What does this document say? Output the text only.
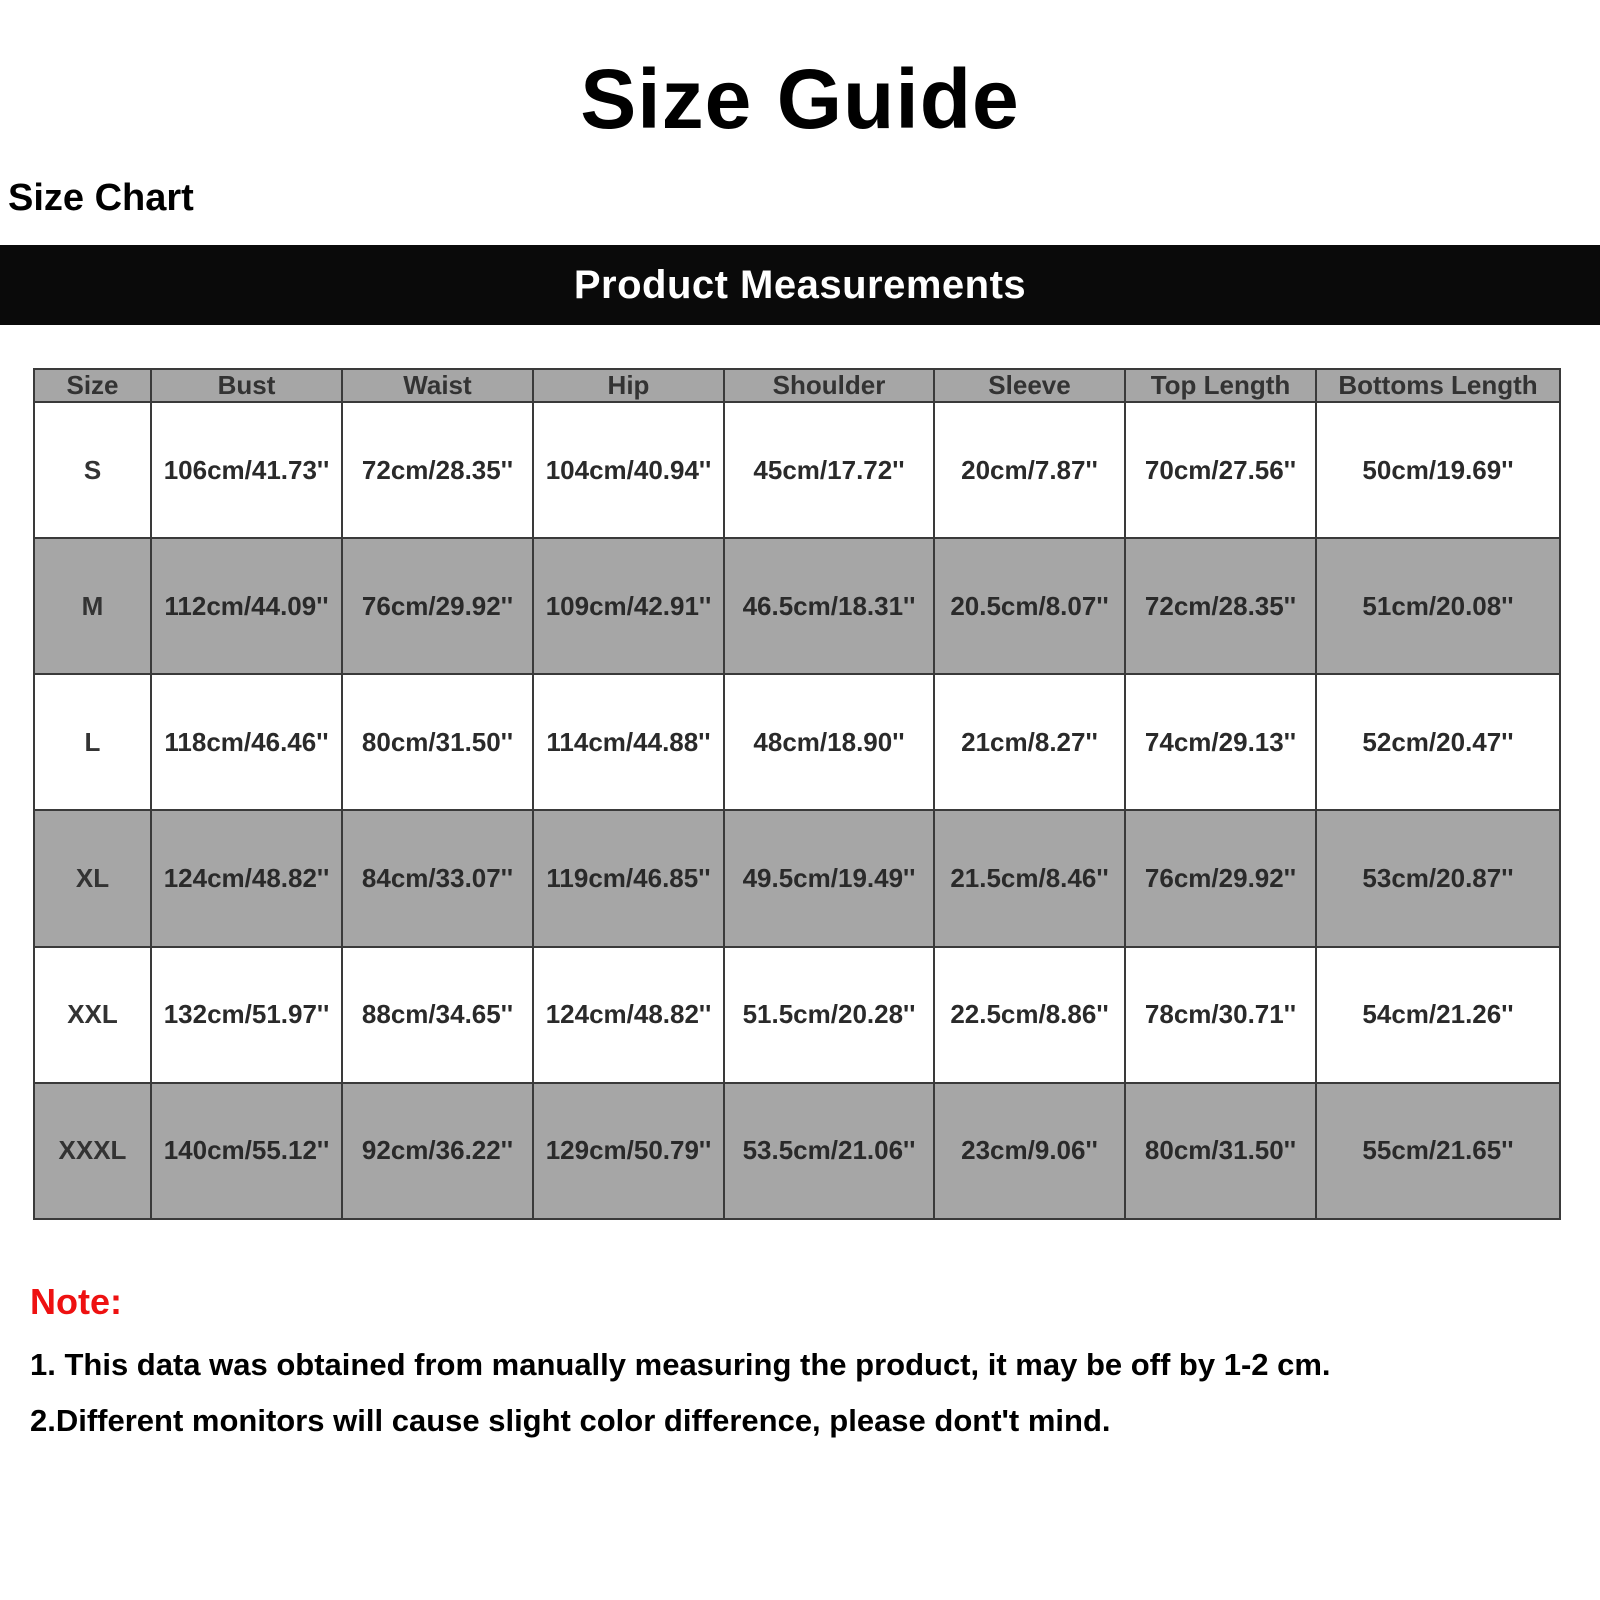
Size Guide
Size Chart
Product Measurements
Size	Bust	Waist	Hip	Shoulder	Sleeve	Top Length	Bottoms Length
S	106cm/41.73''	72cm/28.35''	104cm/40.94''	45cm/17.72''	20cm/7.87''	70cm/27.56''	50cm/19.69''
M	112cm/44.09''	76cm/29.92''	109cm/42.91''	46.5cm/18.31''	20.5cm/8.07''	72cm/28.35''	51cm/20.08''
L	118cm/46.46''	80cm/31.50''	114cm/44.88''	48cm/18.90''	21cm/8.27''	74cm/29.13''	52cm/20.47''
XL	124cm/48.82''	84cm/33.07''	119cm/46.85''	49.5cm/19.49''	21.5cm/8.46''	76cm/29.92''	53cm/20.87''
XXL	132cm/51.97''	88cm/34.65''	124cm/48.82''	51.5cm/20.28''	22.5cm/8.86''	78cm/30.71''	54cm/21.26''
XXXL	140cm/55.12''	92cm/36.22''	129cm/50.79''	53.5cm/21.06''	23cm/9.06''	80cm/31.50''	55cm/21.65''
Note:
1. This data was obtained from manually measuring the product, it may be off by 1-2 cm.
2.Different monitors will cause slight color difference, please dont't mind.
